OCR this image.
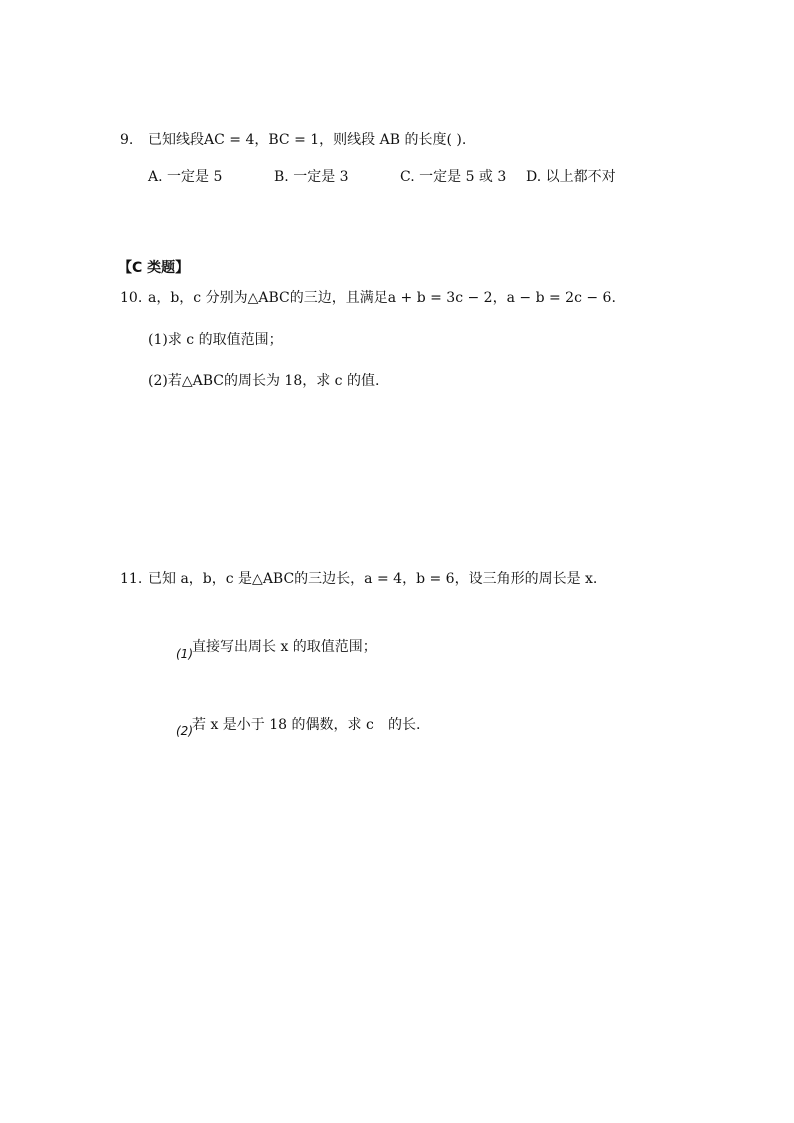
9. 已知线段AC = 4，BC = 1，则线段 AB 的长度( ).
A. 一定是 5	B. 一定是 3	C. 一定是 5 或 3 D. 以上都不对
【C 类题】
10. a，b，c 分别为△ABC的三边，且满足a + b = 3c − 2，a − b = 2c − 6.
(1)求 c 的取值范围；
(2)若△ABC的周长为 18，求 c 的值.
11. 已知 a，b，c 是△ABC的三边长，a = 4，b = 6，设三角形的周长是 x.
(1) 直接写出周长 x 的取值范围；
(2) 若 x 是小于 18 的偶数，求 c 的长.
